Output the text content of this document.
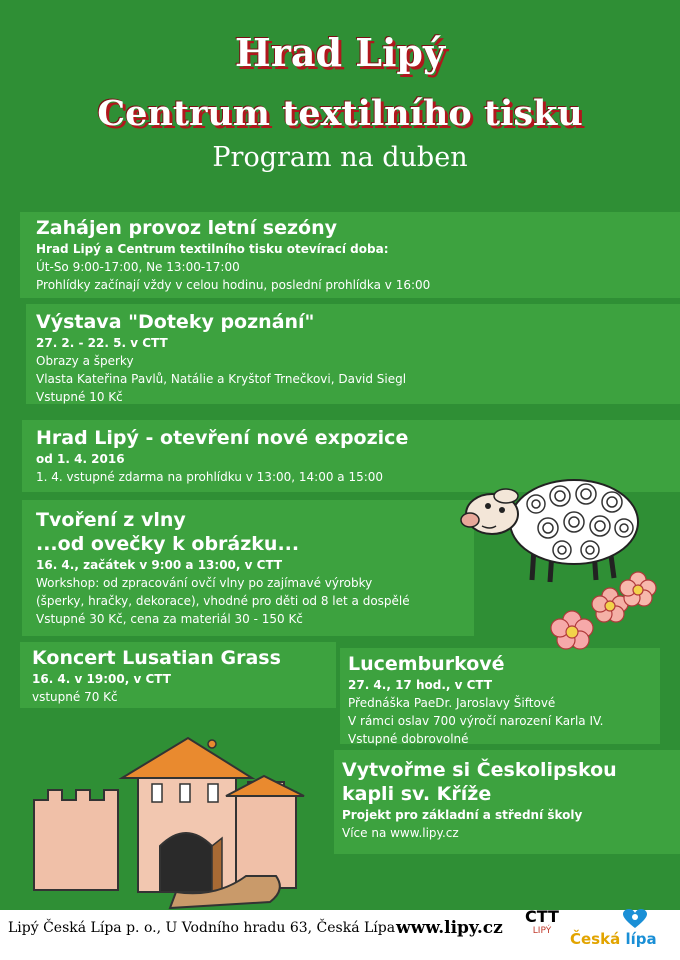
Hrad Lipý
Centrum textilního tisku
Program na duben
Zahájen provoz letní sezóny
Hrad Lipý a Centrum textilního tisku otevírací doba:
Út-So 9:00-17:00, Ne 13:00-17:00
Prohlídky začínají vždy v celou hodinu, poslední prohlídka v 16:00
Výstava "Doteky poznání"
27. 2. - 22. 5. v CTT
Obrazy a šperky
Vlasta Kateřina Pavlů, Natálie a Kryštof Trnečkovi, David Siegl
Vstupné 10 Kč
Hrad Lipý - otevření nové expozice
od 1. 4. 2016
1. 4. vstupné zdarma na prohlídku v 13:00, 14:00 a 15:00
Tvoření z vlny
...od ovečky k obrázku...
16. 4., začátek v 9:00 a 13:00, v CTT
Workshop: od zpracování ovčí vlny po zajímavé výrobky
(šperky, hračky, dekorace), vhodné pro děti od 8 let a dospělé
Vstupné 30 Kč, cena za materiál 30 - 150 Kč
Koncert Lusatian Grass
16. 4. v 19:00, v CTT
vstupné 70 Kč
Lucemburkové
27. 4., 17 hod., v CTT
Přednáška PaeDr. Jaroslavy Šiftové
V rámci oslav 700 výročí narození Karla IV.
Vstupné dobrovolné
Vytvořme si Českolipskou
kapli sv. Kříže
Projekt pro základní a střední školy
Více na www.lipy.cz
Lipý Česká Lípa p. o., U Vodního hradu 63, Česká Lípa www.lipy.cz
CTT
LIPÝ	Česká lípa
